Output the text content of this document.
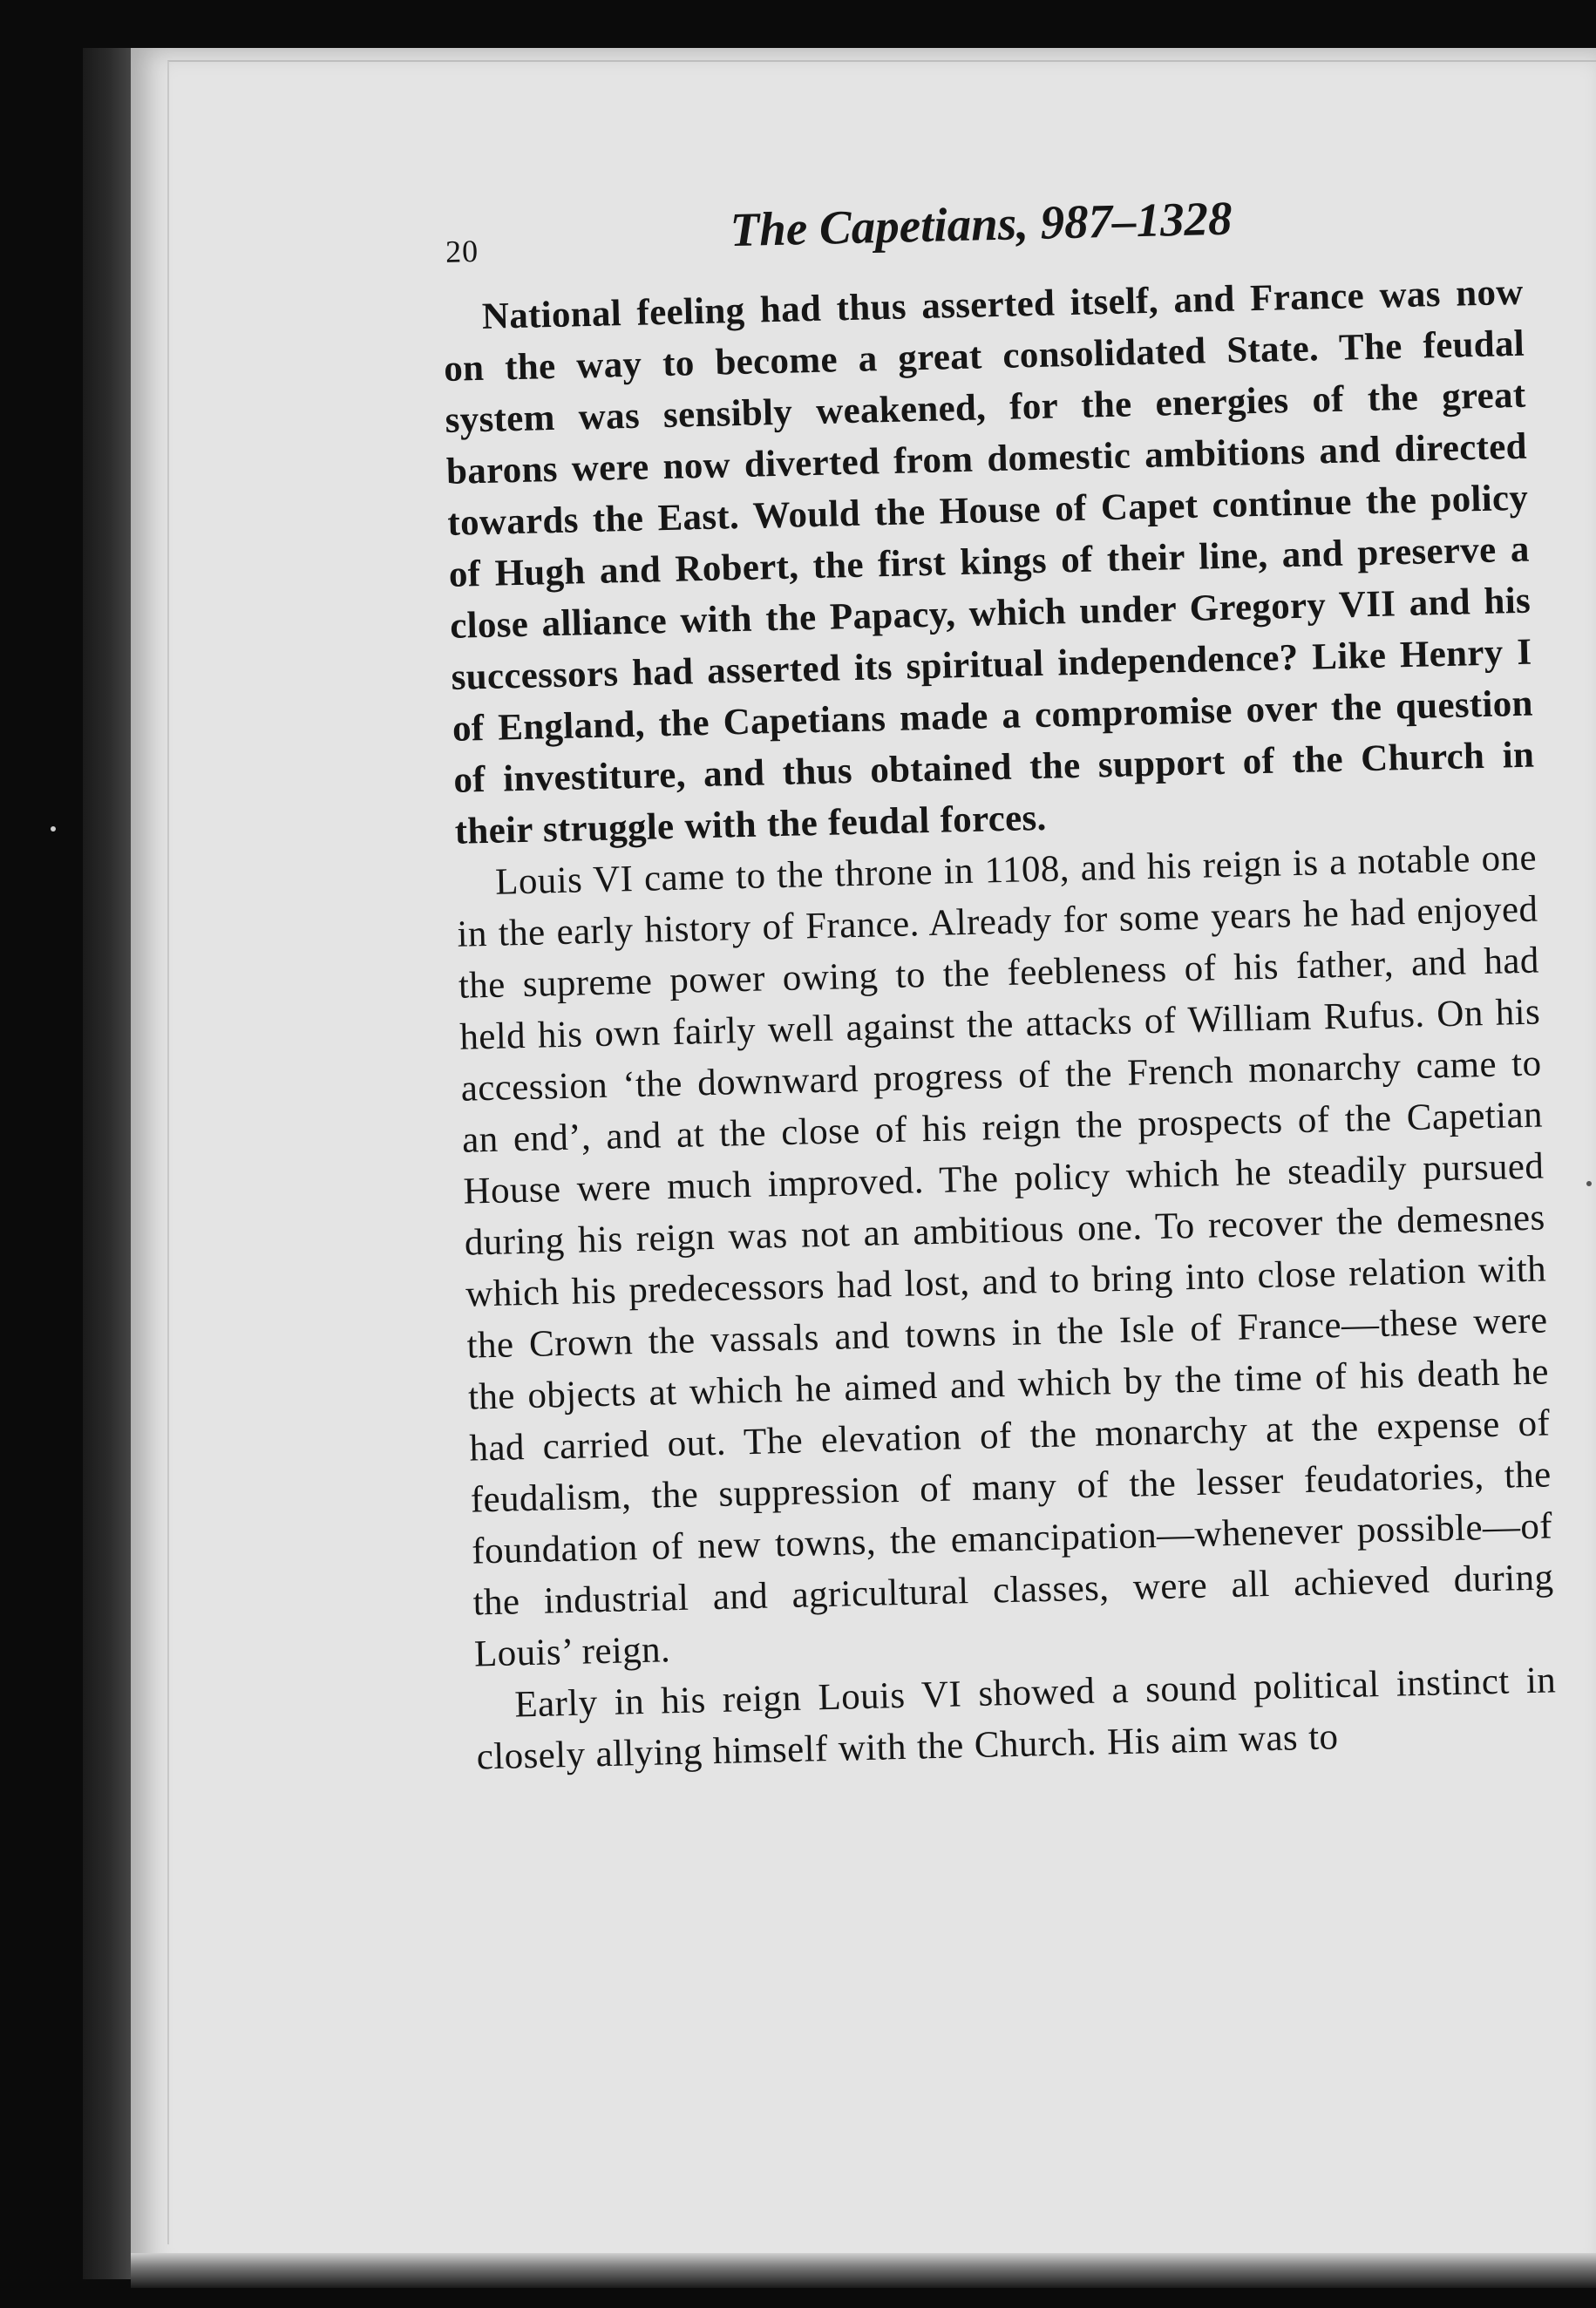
20	The Capetians, 987–1328

National feeling had thus asserted itself, and France was now on the way to become a great consolidated State. The feudal system was sensibly weakened, for the energies of the great barons were now diverted from domestic ambitions and directed towards the East. Would the House of Capet continue the policy of Hugh and Robert, the first kings of their line, and preserve a close alliance with the Papacy, which under Gregory VII and his successors had asserted its spiritual independence? Like Henry I of England, the Capetians made a compromise over the question of investiture, and thus obtained the support of the Church in their struggle with the feudal forces.

Louis VI came to the throne in 1108, and his reign is a notable one in the early history of France. Already for some years he had enjoyed the supreme power owing to the feebleness of his father, and had held his own fairly well against the attacks of William Rufus. On his accession ‘the downward progress of the French monarchy came to an end’, and at the close of his reign the prospects of the Capetian House were much improved. The policy which he steadily pursued during his reign was not an ambitious one. To recover the demesnes which his predecessors had lost, and to bring into close relation with the Crown the vassals and towns in the Isle of France—these were the objects at which he aimed and which by the time of his death he had carried out. The elevation of the monarchy at the expense of feudalism, the suppression of many of the lesser feudatories, the foundation of new towns, the emancipation—whenever possible—of the industrial and agricultural classes, were all achieved during Louis’ reign.

Early in his reign Louis VI showed a sound political instinct in closely allying himself with the Church. His aim was to
